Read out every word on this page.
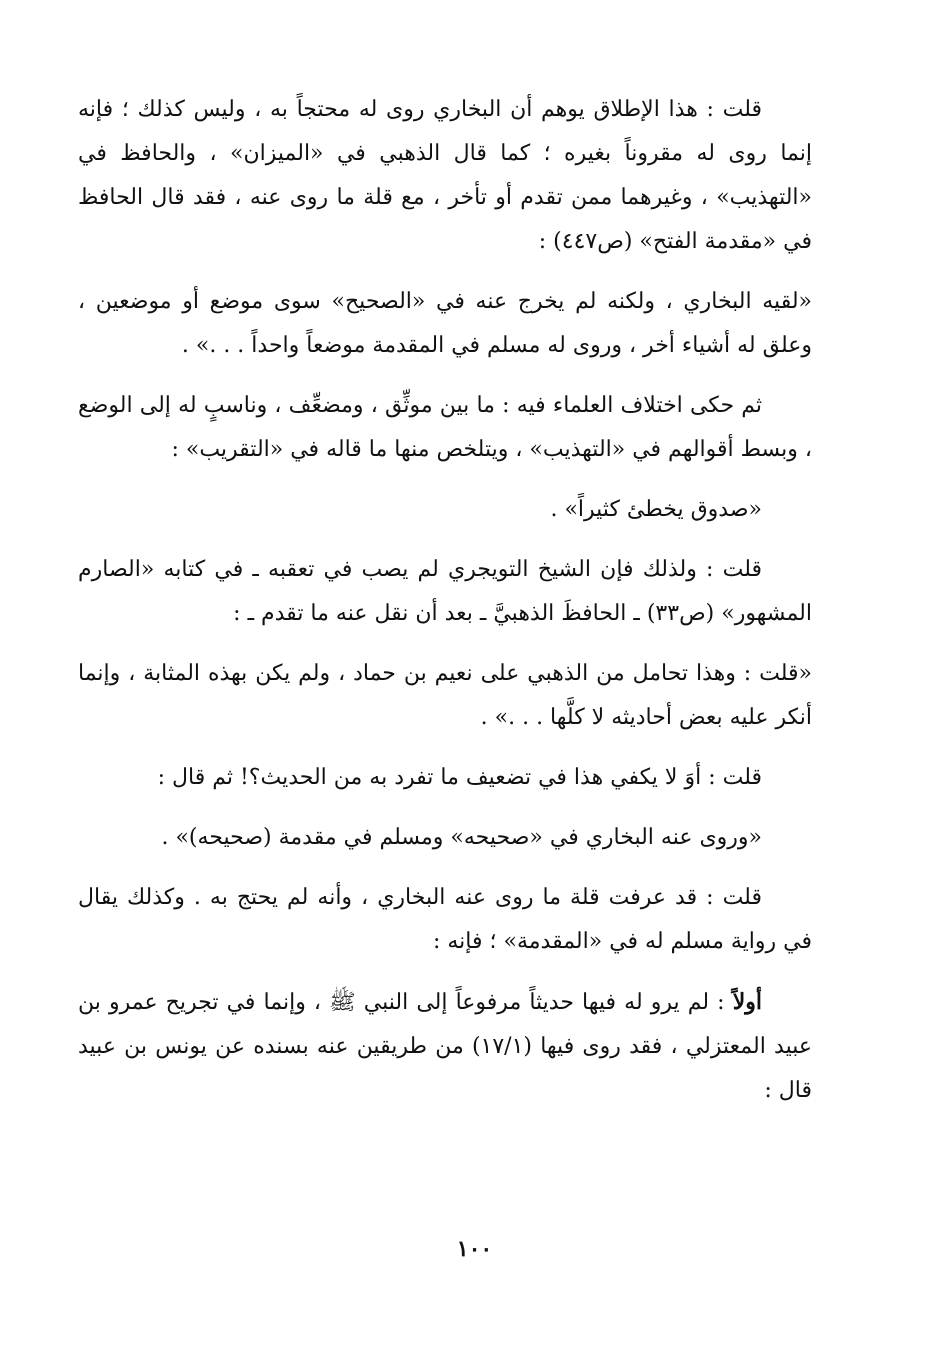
قلت : هذا الإطلاق يوهم أن البخاري روى له محتجاً به ، وليس كذلك ؛ فإنه إنما روى له مقروناً بغيره ؛ كما قال الذهبي في «الميزان» ، والحافظ في «التهذيب» ، وغيرهما ممن تقدم أو تأخر ، مع قلة ما روى عنه ، فقد قال الحافظ في «مقدمة الفتح» (ص٤٤٧) :

«لقيه البخاري ، ولكنه لم يخرج عنه في «الصحيح» سوى موضع أو موضعين ، وعلق له أشياء أخر ، وروى له مسلم في المقدمة موضعاً واحداً . . .» .

ثم حكى اختلاف العلماء فيه : ما بين موثِّق ، ومضعِّف ، وناسبٍ له إلى الوضع ، وبسط أقوالهم في «التهذيب» ، ويتلخص منها ما قاله في «التقريب» :

«صدوق يخطئ كثيراً» .

قلت : ولذلك فإن الشيخ التويجري لم يصب في تعقبه ـ في كتابه «الصارم المشهور» (ص٣٣) ـ الحافظَ الذهبيَّ ـ بعد أن نقل عنه ما تقدم ـ :

«قلت : وهذا تحامل من الذهبي على نعيم بن حماد ، ولم يكن بهذه المثابة ، وإنما أنكر عليه بعض أحاديثه لا كلَّها . . .» .

قلت : أوَ لا يكفي هذا في تضعيف ما تفرد به من الحديث؟! ثم قال :

«وروى عنه البخاري في «صحيحه» ومسلم في مقدمة (صحيحه)» .

قلت : قد عرفت قلة ما روى عنه البخاري ، وأنه لم يحتج به . وكذلك يقال في رواية مسلم له في «المقدمة» ؛ فإنه :

أولاً : لم يرو له فيها حديثاً مرفوعاً إلى النبي ﷺ ، وإنما في تجريح عمرو بن عبيد المعتزلي ، فقد روى فيها (١٧/١) من طريقين عنه بسنده عن يونس بن عبيد قال :

١٠٠
